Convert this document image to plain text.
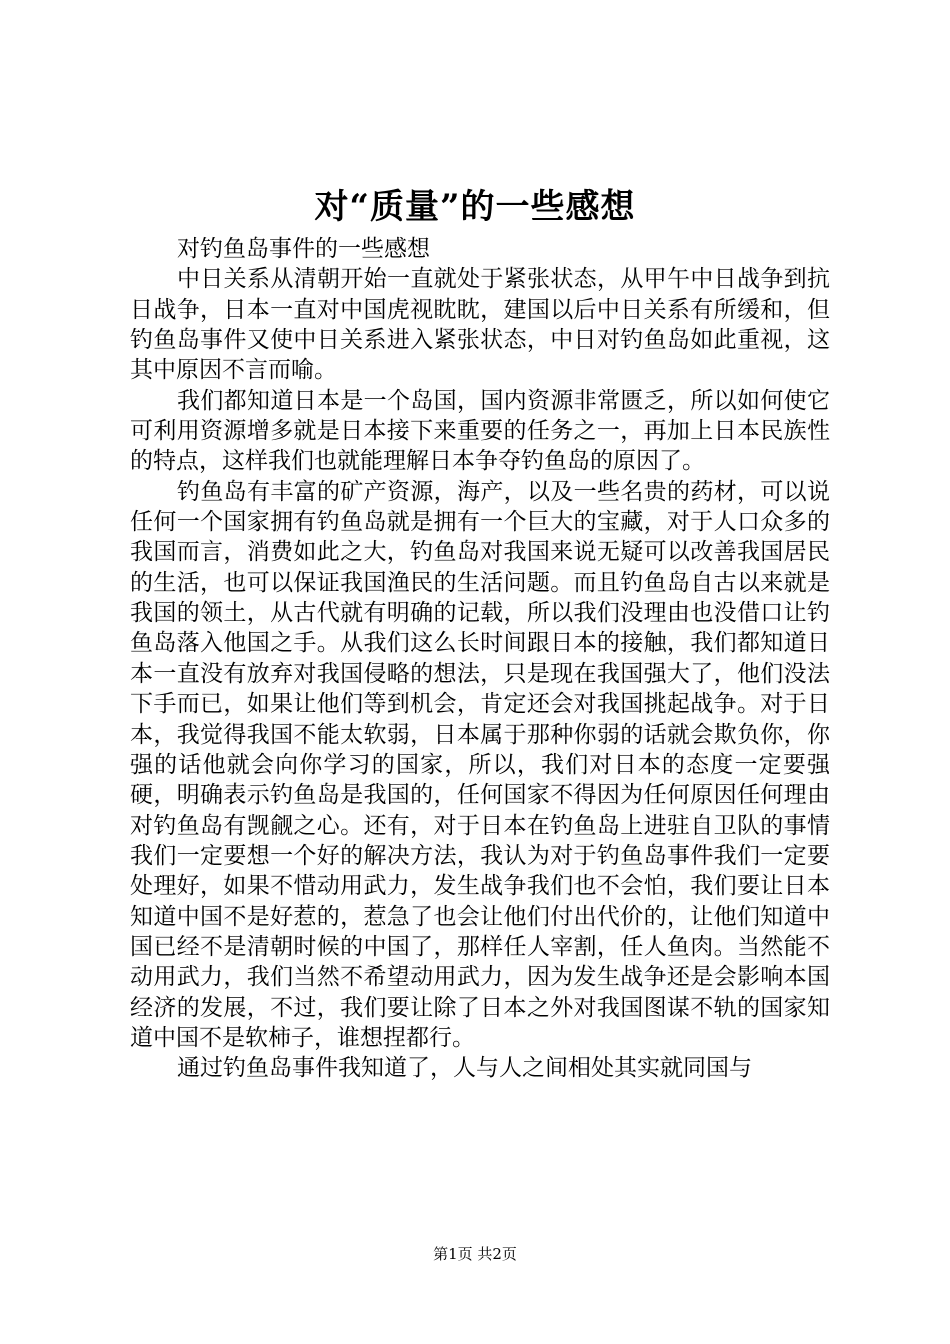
对“质量”的一些感想

对钓鱼岛事件的一些感想

中日关系从清朝开始一直就处于紧张状态，从甲午中日战争到抗日战争，日本一直对中国虎视眈眈，建国以后中日关系有所缓和，但钓鱼岛事件又使中日关系进入紧张状态，中日对钓鱼岛如此重视，这其中原因不言而喻。

我们都知道日本是一个岛国，国内资源非常匮乏，所以如何使它可利用资源增多就是日本接下来重要的任务之一，再加上日本民族性的特点，这样我们也就能理解日本争夺钓鱼岛的原因了。

钓鱼岛有丰富的矿产资源，海产，以及一些名贵的药材，可以说任何一个国家拥有钓鱼岛就是拥有一个巨大的宝藏，对于人口众多的我国而言，消费如此之大，钓鱼岛对我国来说无疑可以改善我国居民的生活，也可以保证我国渔民的生活问题。而且钓鱼岛自古以来就是我国的领土，从古代就有明确的记载，所以我们没理由也没借口让钓鱼岛落入他国之手。从我们这么长时间跟日本的接触，我们都知道日本一直没有放弃对我国侵略的想法，只是现在我国强大了，他们没法下手而已，如果让他们等到机会，肯定还会对我国挑起战争。对于日本，我觉得我国不能太软弱，日本属于那种你弱的话就会欺负你，你强的话他就会向你学习的国家，所以，我们对日本的态度一定要强硬，明确表示钓鱼岛是我国的，任何国家不得因为任何原因任何理由对钓鱼岛有觊觎之心。还有，对于日本在钓鱼岛上进驻自卫队的事情我们一定要想一个好的解决方法，我认为对于钓鱼岛事件我们一定要处理好，如果不惜动用武力，发生战争我们也不会怕，我们要让日本知道中国不是好惹的，惹急了也会让他们付出代价的，让他们知道中国已经不是清朝时候的中国了，那样任人宰割，任人鱼肉。当然能不动用武力，我们当然不希望动用武力，因为发生战争还是会影响本国经济的发展，不过，我们要让除了日本之外对我国图谋不轨的国家知道中国不是软柿子，谁想捏都行。

通过钓鱼岛事件我知道了，人与人之间相处其实就同国与

第1页 共2页
